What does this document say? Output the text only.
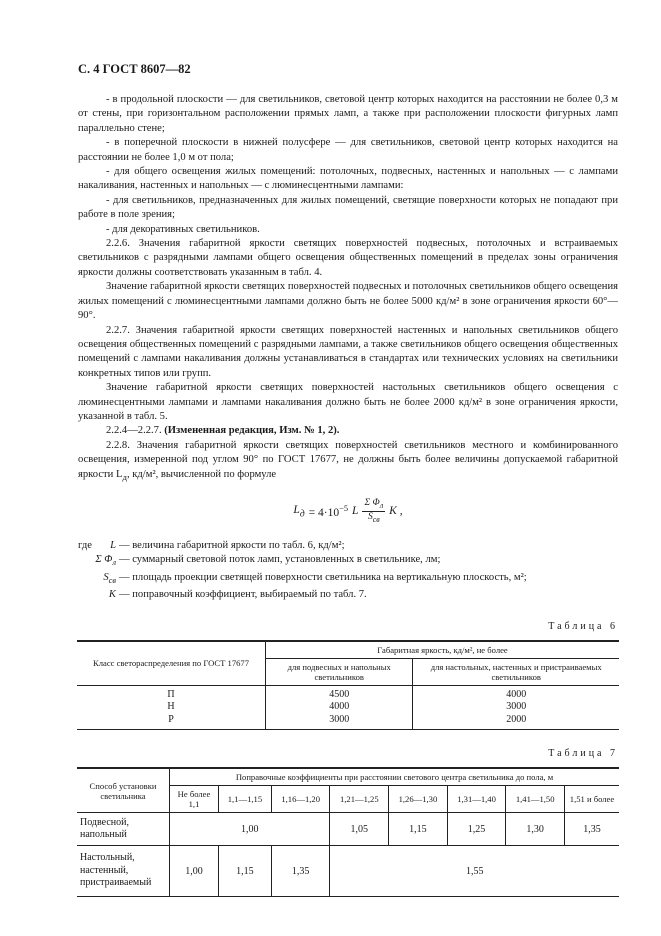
С. 4 ГОСТ 8607—82

- в продольной плоскости — для светильников, световой центр которых находится на расстоянии не более 0,3 м от стены, при горизонтальном расположении прямых ламп, а также при расположении плоскости фигурных ламп параллельно стене;

- в поперечной плоскости в нижней полусфере — для светильников, световой центр которых находится на расстоянии не более 1,0 м от пола;

- для общего освещения жилых помещений: потолочных, подвесных, настенных и напольных — с лампами накаливания, настенных и напольных — с люминесцентными лампами:

- для светильников, предназначенных для жилых помещений, светящие поверхности которых не попадают при работе в поле зрения;

- для декоративных светильников.

2.2.6. Значения габаритной яркости светящих поверхностей подвесных, потолочных и встраиваемых светильников с разрядными лампами общего освещения общественных помещений в пределах зоны ограничения яркости должны соответствовать указанным в табл. 4.

Значение габаритной яркости светящих поверхностей подвесных и потолочных светильников общего освещения жилых помещений с люминесцентными лампами должно быть не более 5000 кд/м² в зоне ограничения яркости 60°—90°.

2.2.7. Значения габаритной яркости светящих поверхностей настенных и напольных светильников общего освещения общественных помещений с разрядными лампами, а также светильников общего освещения общественных помещений с лампами накаливания должны устанавливаться в стандартах или технических условиях на светильники конкретных типов или групп.

Значение габаритной яркости светящих поверхностей настольных светильников общего освещения с люминесцентными лампами и лампами накаливания должно быть не более 2000 кд/м² в зоне ограничения яркости, указанной в табл. 5.

2.2.4—2.2.7. (Измененная редакция, Изм. № 1, 2).

2.2.8. Значения габаритной яркости светящих поверхностей светильников местного и комбинированного освещения, измеренной под углом 90° по ГОСТ 17677, не должны быть более величины допускаемой габаритной яркости $L_д$, кд/м², вычисленной по формуле

$L_д = 4\cdot 10^{-5}$ L $\frac{\Sigma \Phi_л}{S_{св}}$ K ,
где	L — величина габаритной яркости по табл. 6, кд/м²;
Σ $\Phi_л$ — суммарный световой поток ламп, установленных в светильнике, лм;
$S_{св}$ — площадь проекции светящей поверхности светильника на вертикальную плоскость, м²;
K — поправочный коэффициент, выбираемый по табл. 7.
Таблица 6
Класс светораспределения по ГОСТ 17677	Габаритная яркость, кд/м², не более	
	для подвесных и напольных светильников	для настольных, настенных и пристраиваемых светильников
П	4500	4000
Н	4000	3000
Р	3000	2000
Таблица 7
Способ установки светильника	Поправочные коэффициенты при расстоянии светового центра светильника до пола, м							
	Не более 1,1	1,1—1,15	1,16—1,20	1,21—1,25	1,26—1,30	1,31—1,40	1,41—1,50	1,51 и более
Подвесной, напольный	1,00			1,05	1,15	1,25	1,30	1,35
Настольный, настенный, пристраиваемый	1,00	1,15	1,35	1,55				
